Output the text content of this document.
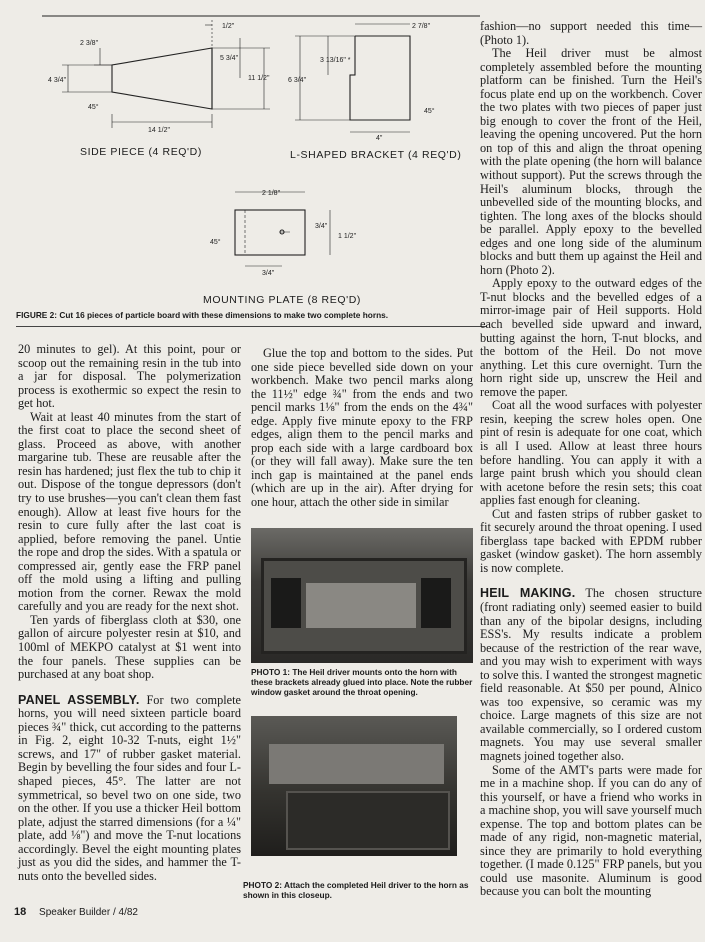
2 3/8"
4 3/4"
1/2"
5 3/4"
11 1/2"
14 1/2"
45°
2 7/8"
3 13/16" *
6 3/4"
4"
45°
2 1/8"
3/4"
1 1/2"
3/4"
45°
SIDE PIECE (4 REQ'D)	L-SHAPED BRACKET (4 REQ'D)
MOUNTING PLATE (8 REQ'D)
FIGURE 2: Cut 16 pieces of particle board with these dimensions to make two complete horns.

20 minutes to gel). At this point, pour or scoop out the remaining resin in the tub into a jar for disposal. The polymerization process is exothermic so expect the resin to get hot.

Wait at least 40 minutes from the start of the first coat to place the second sheet of glass. Proceed as above, with another margarine tub. These are reusable after the resin has hardened; just flex the tub to chip it out. Dispose of the tongue depressors (don't try to use brushes—you can't clean them fast enough). Allow at least five hours for the resin to cure fully after the last coat is applied, before removing the panel. Untie the rope and drop the sides. With a spatula or compressed air, gently ease the FRP panel off the mold using a lifting and pulling motion from the corner. Rewax the mold carefully and you are ready for the next shot.

Ten yards of fiberglass cloth at $30, one gallon of aircure polyester resin at $10, and 100ml of MEKPO catalyst at $1 went into the four panels. These supplies can be purchased at any boat shop.

PANEL ASSEMBLY. For two complete horns, you will need sixteen particle board pieces ¾" thick, cut according to the patterns in Fig. 2, eight 10-32 T-nuts, eight 1½" screws, and 17" of rubber gasket material. Begin by bevelling the four sides and four L-shaped pieces, 45°. The latter are not symmetrical, so bevel two on one side, two on the other. If you use a thicker Heil bottom plate, adjust the starred dimensions (for a ¼" plate, add ⅛") and move the T-nut locations accordingly. Bevel the eight mounting plates just as you did the sides, and hammer the T-nuts onto the bevelled sides.

Glue the top and bottom to the sides. Put one side piece bevelled side down on your workbench. Make two pencil marks along the 11½" edge ¾" from the ends and two pencil marks 1⅛" from the ends on the 4¾" edge. Apply five minute epoxy to the FRP edges, align them to the pencil marks and prop each side with a large cardboard box (or they will fall away). Make sure the ten inch gap is maintained at the panel ends (which are up in the air). After drying for one hour, attach the other side in similar

PHOTO 1: The Heil driver mounts onto the horn with these brackets already glued into place. Note the rubber window gasket around the throat opening.
PHOTO 2: Attach the completed Heil driver to the horn as shown in this closeup.

fashion—no support needed this time—(Photo 1).

The Heil driver must be almost completely assembled before the mounting platform can be finished. Turn the Heil's focus plate end up on the workbench. Cover the two plates with two pieces of paper just big enough to cover the front of the Heil, leaving the opening uncovered. Put the horn on top of this and align the throat opening with the plate opening (the horn will balance without support). Put the screws through the Heil's aluminum blocks, through the unbevelled side of the mounting blocks, and tighten. The long axes of the blocks should be parallel. Apply epoxy to the bevelled edges and one long side of the aluminum blocks and butt them up against the Heil and horn (Photo 2).

Apply epoxy to the outward edges of the T-nut blocks and the bevelled edges of a mirror-image pair of Heil supports. Hold each bevelled side upward and inward, butting against the horn, T-nut blocks, and the bottom of the Heil. Do not move anything. Let this cure overnight. Turn the horn right side up, unscrew the Heil and remove the paper.

Coat all the wood surfaces with polyester resin, keeping the screw holes open. One pint of resin is adequate for one coat, which is all I used. Allow at least three hours before handling. You can apply it with a large paint brush which you should clean with acetone before the resin sets; this coat applies fast enough for cleaning.

Cut and fasten strips of rubber gasket to fit securely around the throat opening. I used fiberglass tape backed with EPDM rubber gasket (window gasket). The horn assembly is now complete.

HEIL MAKING. The chosen structure (front radiating only) seemed easier to build than any of the bipolar designs, including ESS's. My results indicate a problem because of the restriction of the rear wave, and you may wish to experiment with ways to solve this. I wanted the strongest magnetic field reasonable. At $50 per pound, Alnico was too expensive, so ceramic was my choice. Large magnets of this size are not available commercially, so I ordered custom magnets. You may use several smaller magnets joined together also.

Some of the AMT's parts were made for me in a machine shop. If you can do any of this yourself, or have a friend who works in a machine shop, you will save yourself much expense. The top and bottom plates can be made of any rigid, non-magnetic material, since they are primarily to hold everything together. (I made 0.125" FRP panels, but you could use masonite. Aluminum is good because you can bolt the mounting

18 Speaker Builder / 4/82
